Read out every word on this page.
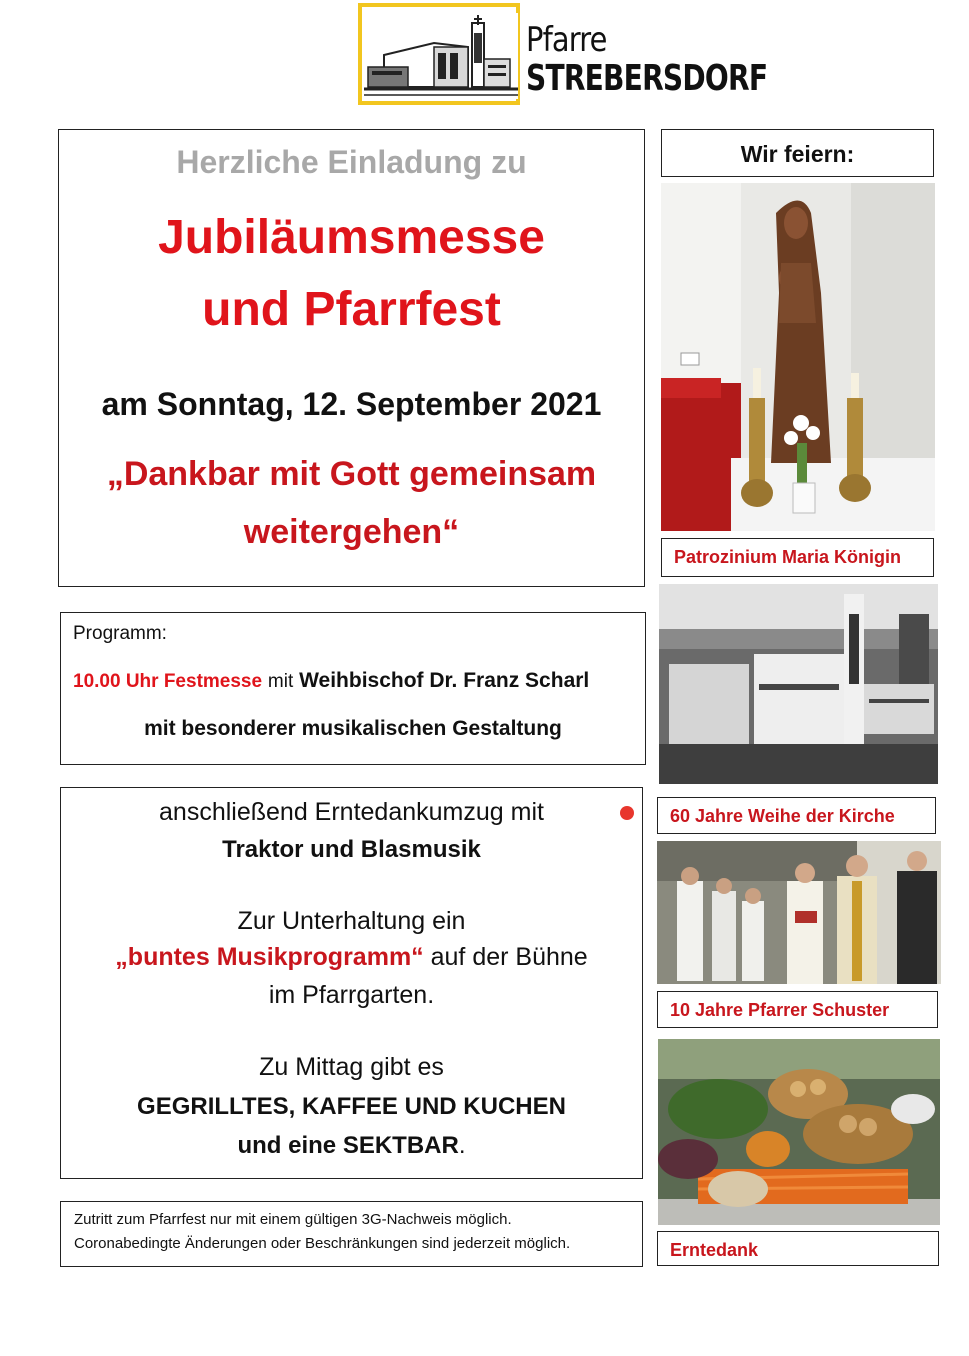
Pfarre
STREBERSDORF
Herzliche Einladung zu
Jubiläumsmesse
und Pfarrfest
am Sonntag, 12. September 2021
„Dankbar mit Gott gemeinsam
weitergehen“
Programm:
10.00 Uhr Festmesse mit Weihbischof Dr. Franz Scharl
mit besonderer musikalischen Gestaltung
anschließend Erntedankumzug mit
Traktor und Blasmusik
Zur Unterhaltung ein
„buntes Musikprogramm“ auf der Bühne
im Pfarrgarten.
Zu Mittag gibt es
GEGRILLTES, KAFFEE UND KUCHEN
und eine SEKTBAR.
Zutritt zum Pfarrfest nur mit einem gültigen 3G-Nachweis möglich.
Coronabedingte Änderungen oder Beschränkungen sind jederzeit möglich.
Wir feiern:
Patrozinium Maria Königin
60 Jahre Weihe der Kirche
10 Jahre Pfarrer Schuster
Erntedank
